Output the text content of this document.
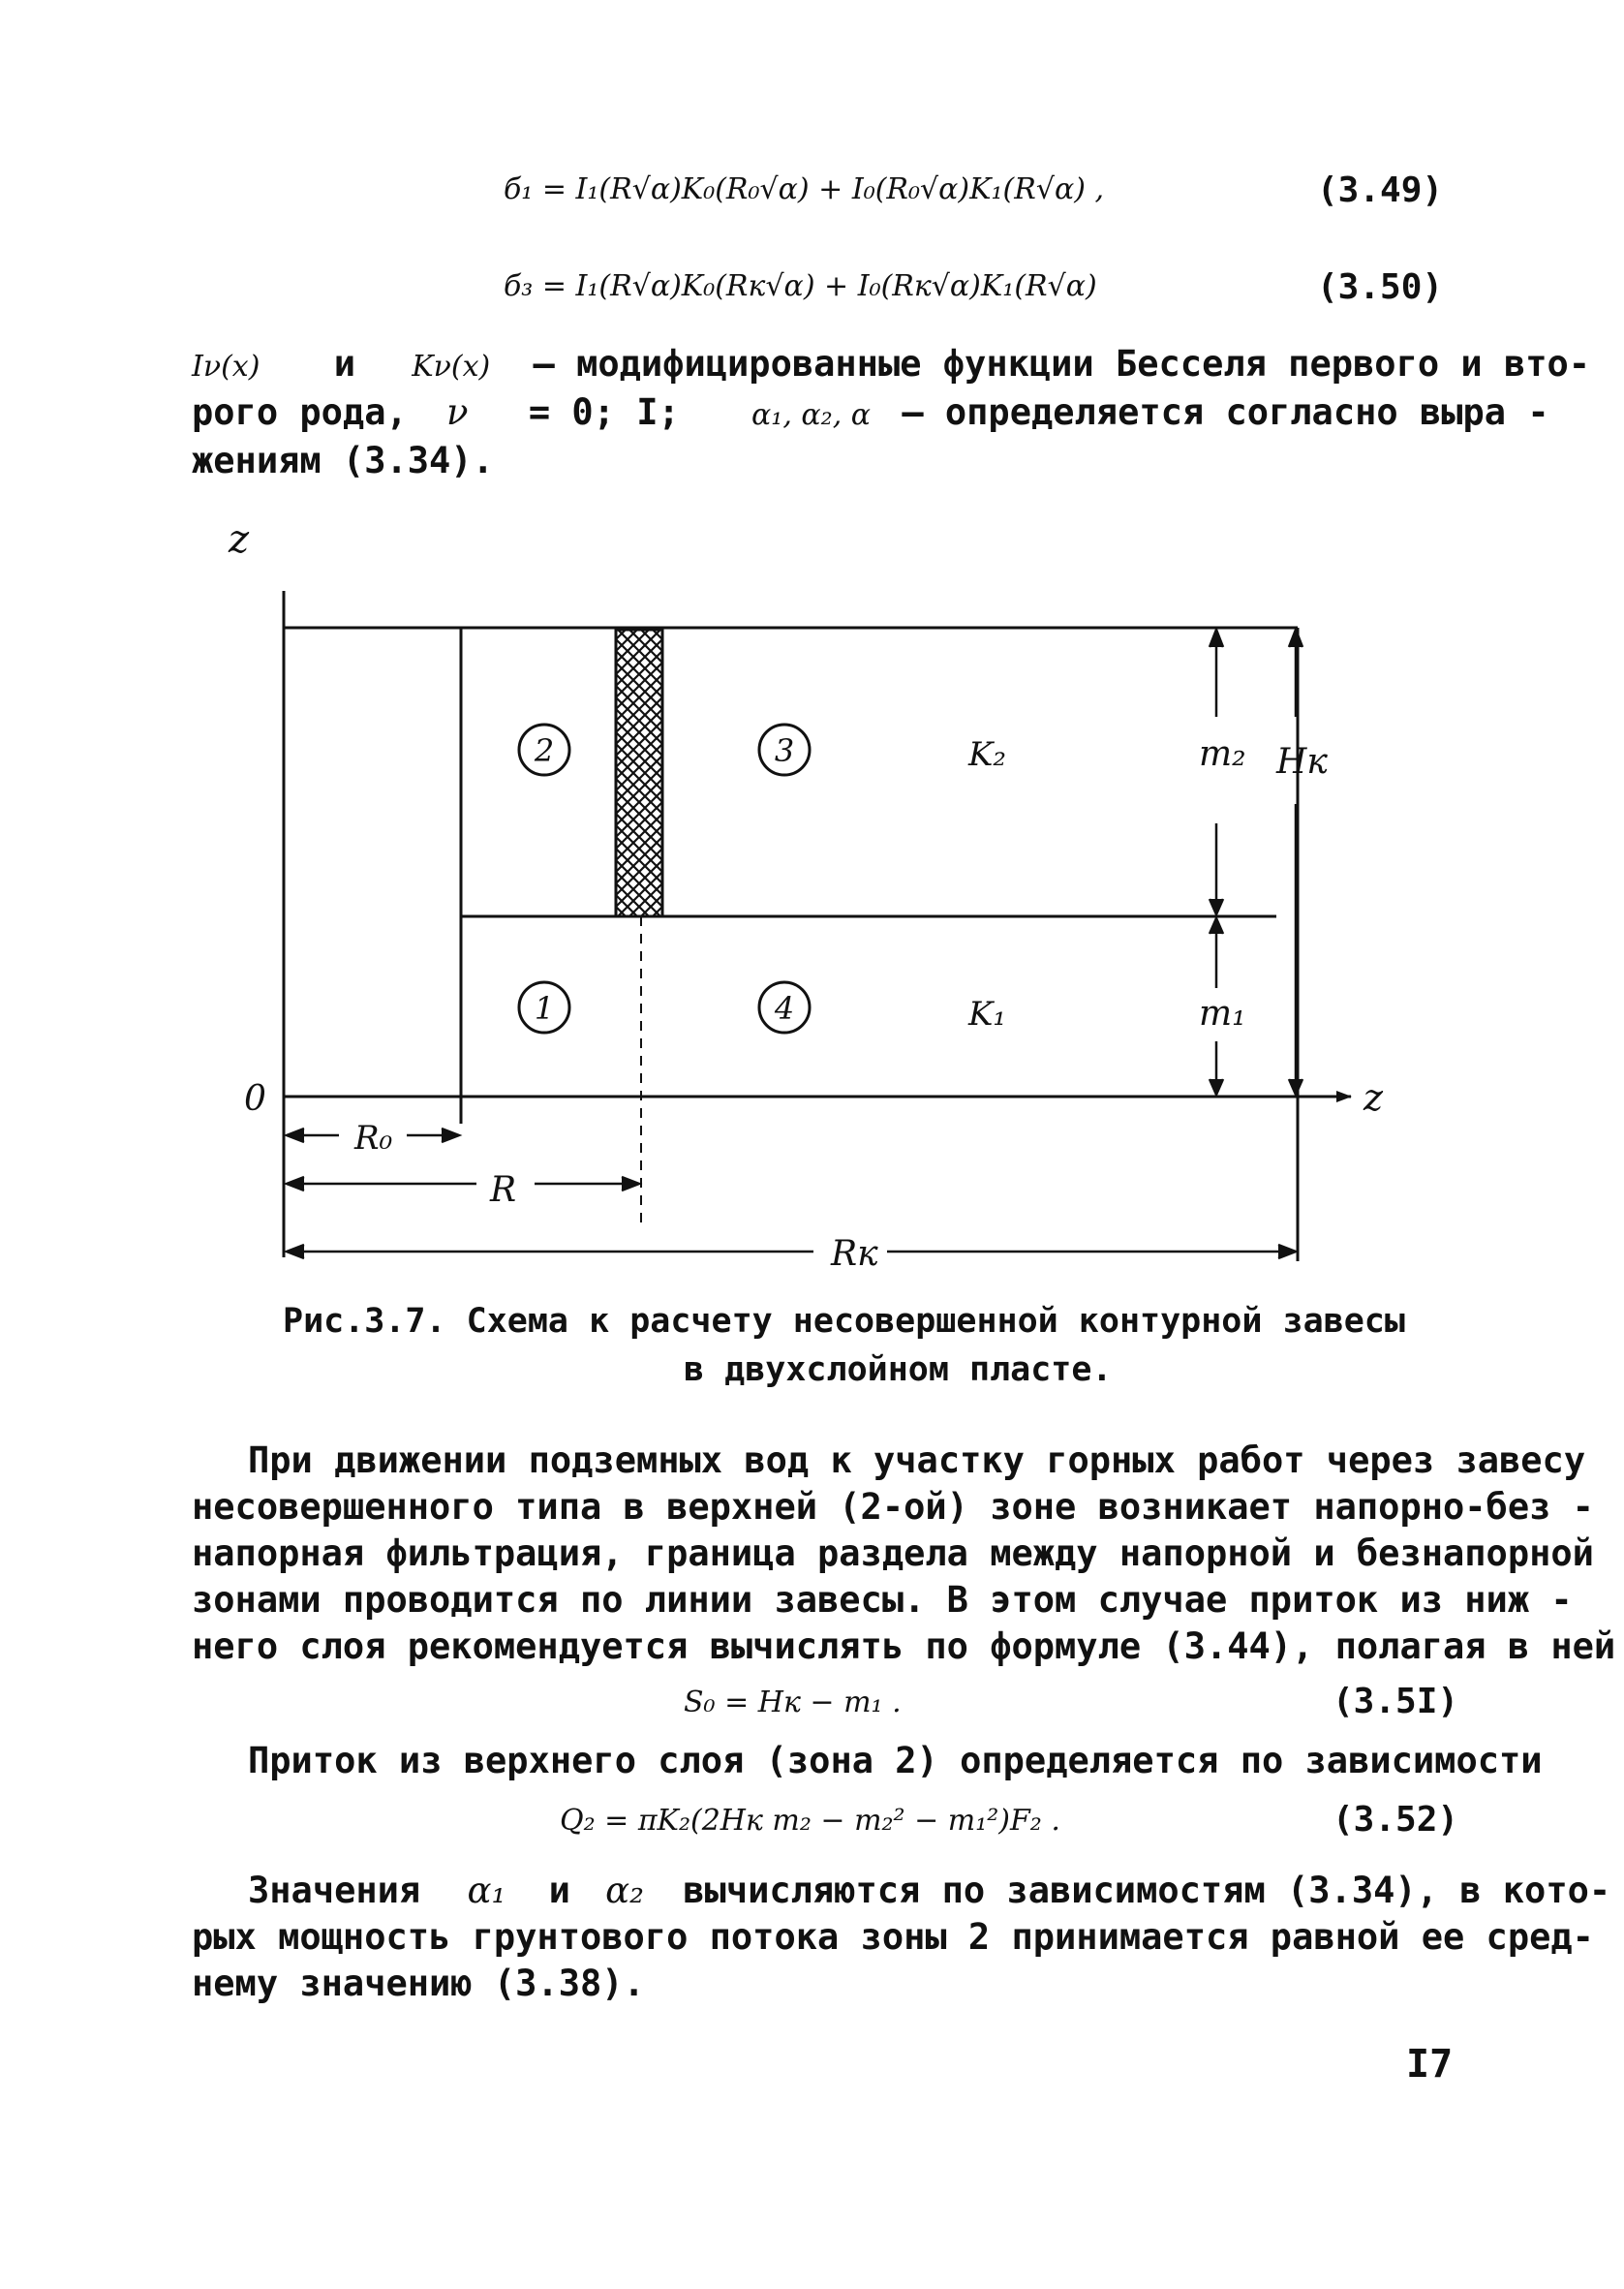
б₁ = I₁(R√α)K₀(R₀√α) + I₀(R₀√α)K₁(R√α) ,	(3.49)
б₃ = I₁(R√α)K₀(Rк√α) + I₀(Rк√α)K₁(R√α)	(3.50)
Iν(x) и Kν(x) – модифицированные функции Бесселя первого и вто-
рого рода, ν = 0; I; α₁, α₂, α – определяется согласно выра -
жениям (3.34).
2	3
1	4
z
z
0
K₂
K₁
m₂
m₁
Hк
R₀
R
Rк
Рис.3.7. Схема к расчету несовершенной контурной завесы
в двухслойном пласте.
При движении подземных вод к участку горных работ через завесу
несовершенного типа в верхней (2-ой) зоне возникает напорно-без -
напорная фильтрация, граница раздела между напорной и безнапорной
зонами проводится по линии завесы. В этом случае приток из ниж -
него слоя рекомендуется вычислять по формуле (3.44), полагая в ней
S₀ = Hк − m₁ .	(3.5I)
Приток из верхнего слоя (зона 2) определяется по зависимости
Q₂ = πK₂(2Hк m₂ − m₂² − m₁²)F₂ .	(3.52)
Значения α₁ и α₂ вычисляются по зависимостям (3.34), в кото-
рых мощность грунтового потока зоны 2 принимается равной ее сред-
нему значению (3.38).
I7
